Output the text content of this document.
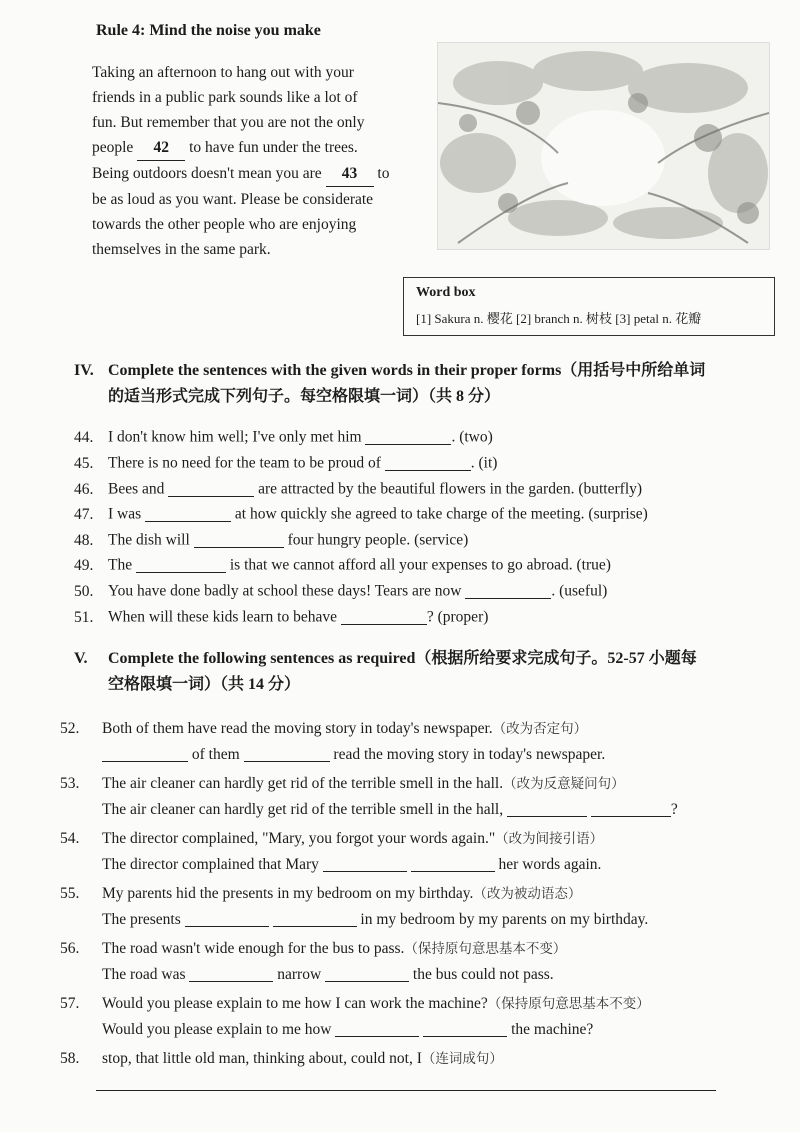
Rule 4: Mind the noise you make
Taking an afternoon to hang out with your
friends in a public park sounds like a lot of
fun. But remember that you are not the only
people 42 to have fun under the trees.
Being outdoors doesn't mean you are 43 to
be as loud as you want. Please be considerate
towards the other people who are enjoying
themselves in the same park.
Word box
[1] Sakura n. 樱花 [2] branch n. 树枝 [3] petal n. 花瓣
IV. Complete the sentences with the given words in their proper forms（用括号中所给单词
的适当形式完成下列句子。每空格限填一词）（共 8 分）
44. I don't know him well; I've only met him	. (two)
45. There is no need for the team to be proud of	. (it)
46. Bees and	are attracted by the beautiful flowers in the garden. (butterfly)
47. I was	at how quickly she agreed to take charge of the meeting. (surprise)
48. The dish will	four hungry people. (service)
49. The	is that we cannot afford all your expenses to go abroad. (true)
50. You have done badly at school these days! Tears are now	. (useful)
51. When will these kids learn to behave	? (proper)
V. Complete the following sentences as required（根据所给要求完成句子。52-57 小题每
空格限填一词）（共 14 分）
52. Both of them have read the moving story in today's newspaper.（改为否定句）
of them	read the moving story in today's newspaper.
53. The air cleaner can hardly get rid of the terrible smell in the hall.（改为反意疑问句）
The air cleaner can hardly get rid of the terrible smell in the hall,	?
54. The director complained, "Mary, you forgot your words again."（改为间接引语）
The director complained that Mary	her words again.
55. My parents hid the presents in my bedroom on my birthday.（改为被动语态）
The presents	in my bedroom by my parents on my birthday.
56. The road wasn't wide enough for the bus to pass.（保持原句意思基本不变）
The road was	narrow	the bus could not pass.
57. Would you please explain to me how I can work the machine?（保持原句意思基本不变）
Would you please explain to me how	the machine?
58. stop, that little old man, thinking about, could not, I（连词成句）
